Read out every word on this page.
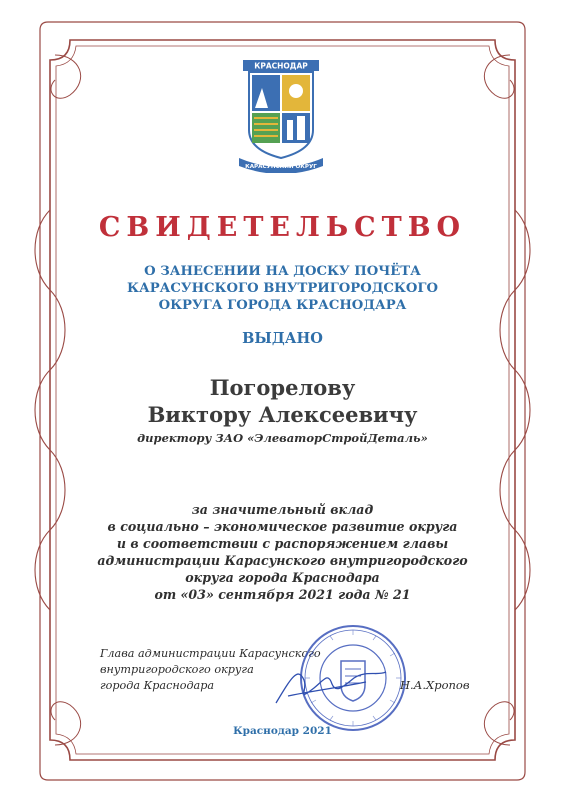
КРАСНОДАР
КАРАСУНСКИЙ ОКРУГ
СВИДЕТЕЛЬСТВО
О ЗАНЕСЕНИИ НА ДОСКУ ПОЧЁТА
КАРАСУНСКОГО ВНУТРИГОРОДСКОГО
ОКРУГА ГОРОДА КРАСНОДАРА
ВЫДАНО
Погорелову
Виктору Алексеевичу
директору ЗАО «ЭлеваторСтройДеталь»
за значительный вклад
в социально – экономическое развитие округа
и в соответствии с распоряжением главы
администрации Карасунского внутригородского
округа города Краснодара
от «03» сентября 2021 года № 21
Глава администрации Карасунского
внутригородского округа
города Краснодара	Н.А.Хропов
Краснодар 2021
